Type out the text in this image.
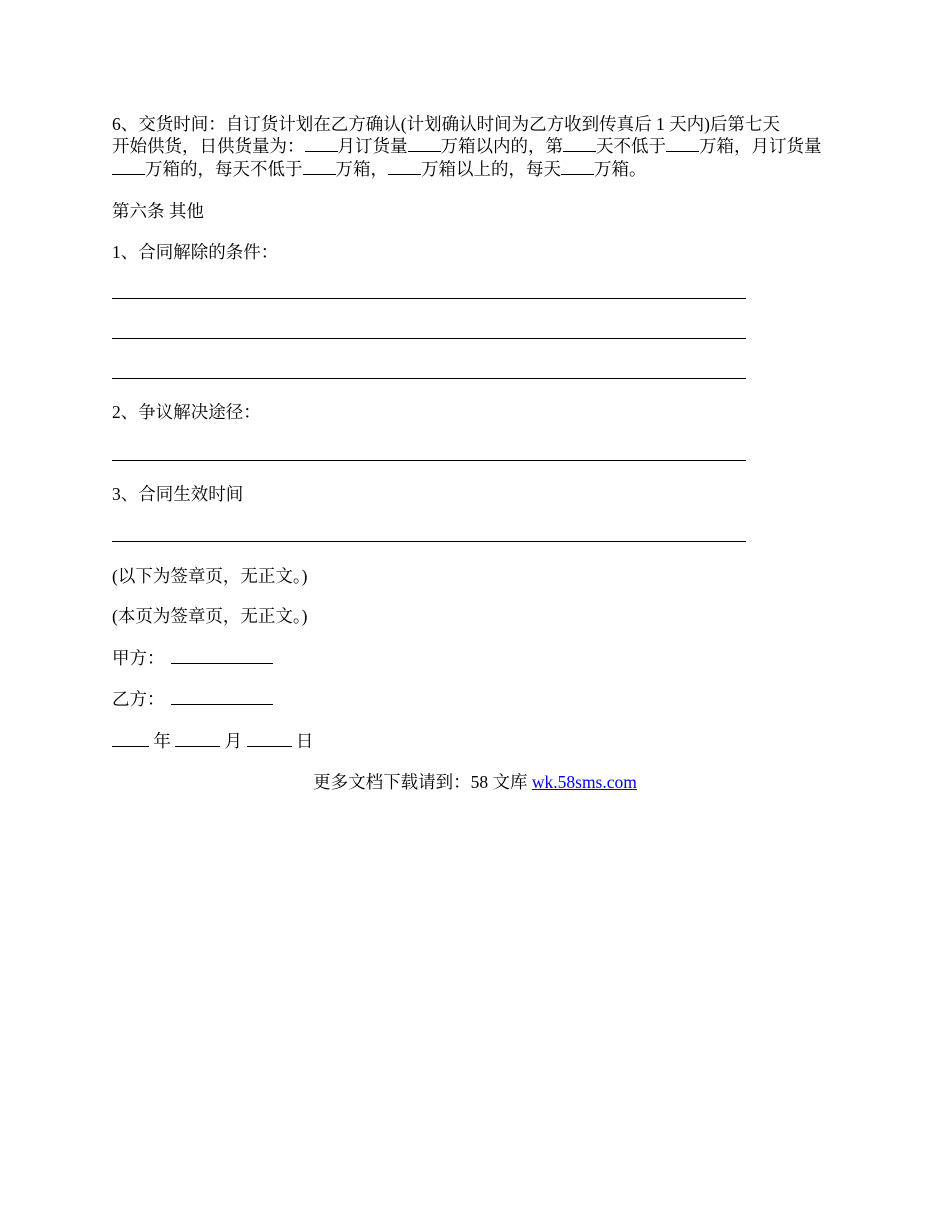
6、交货时间：自订货计划在乙方确认(计划确认时间为乙方收到传真后 1 天内)后第七天
开始供货，日供货量为： 月订货量 万箱以内的，第 天不低于 万箱，月订货量
万箱的，每天不低于 万箱， 万箱以上的，每天 万箱。
第六条 其他
1、合同解除的条件：
2、争议解决途径：
3、合同生效时间
(以下为签章页，无正文。)
(本页为签章页，无正文。)
甲方：
乙方：
年	月	日
更多文档下载请到：58 文库 wk.58sms.com
